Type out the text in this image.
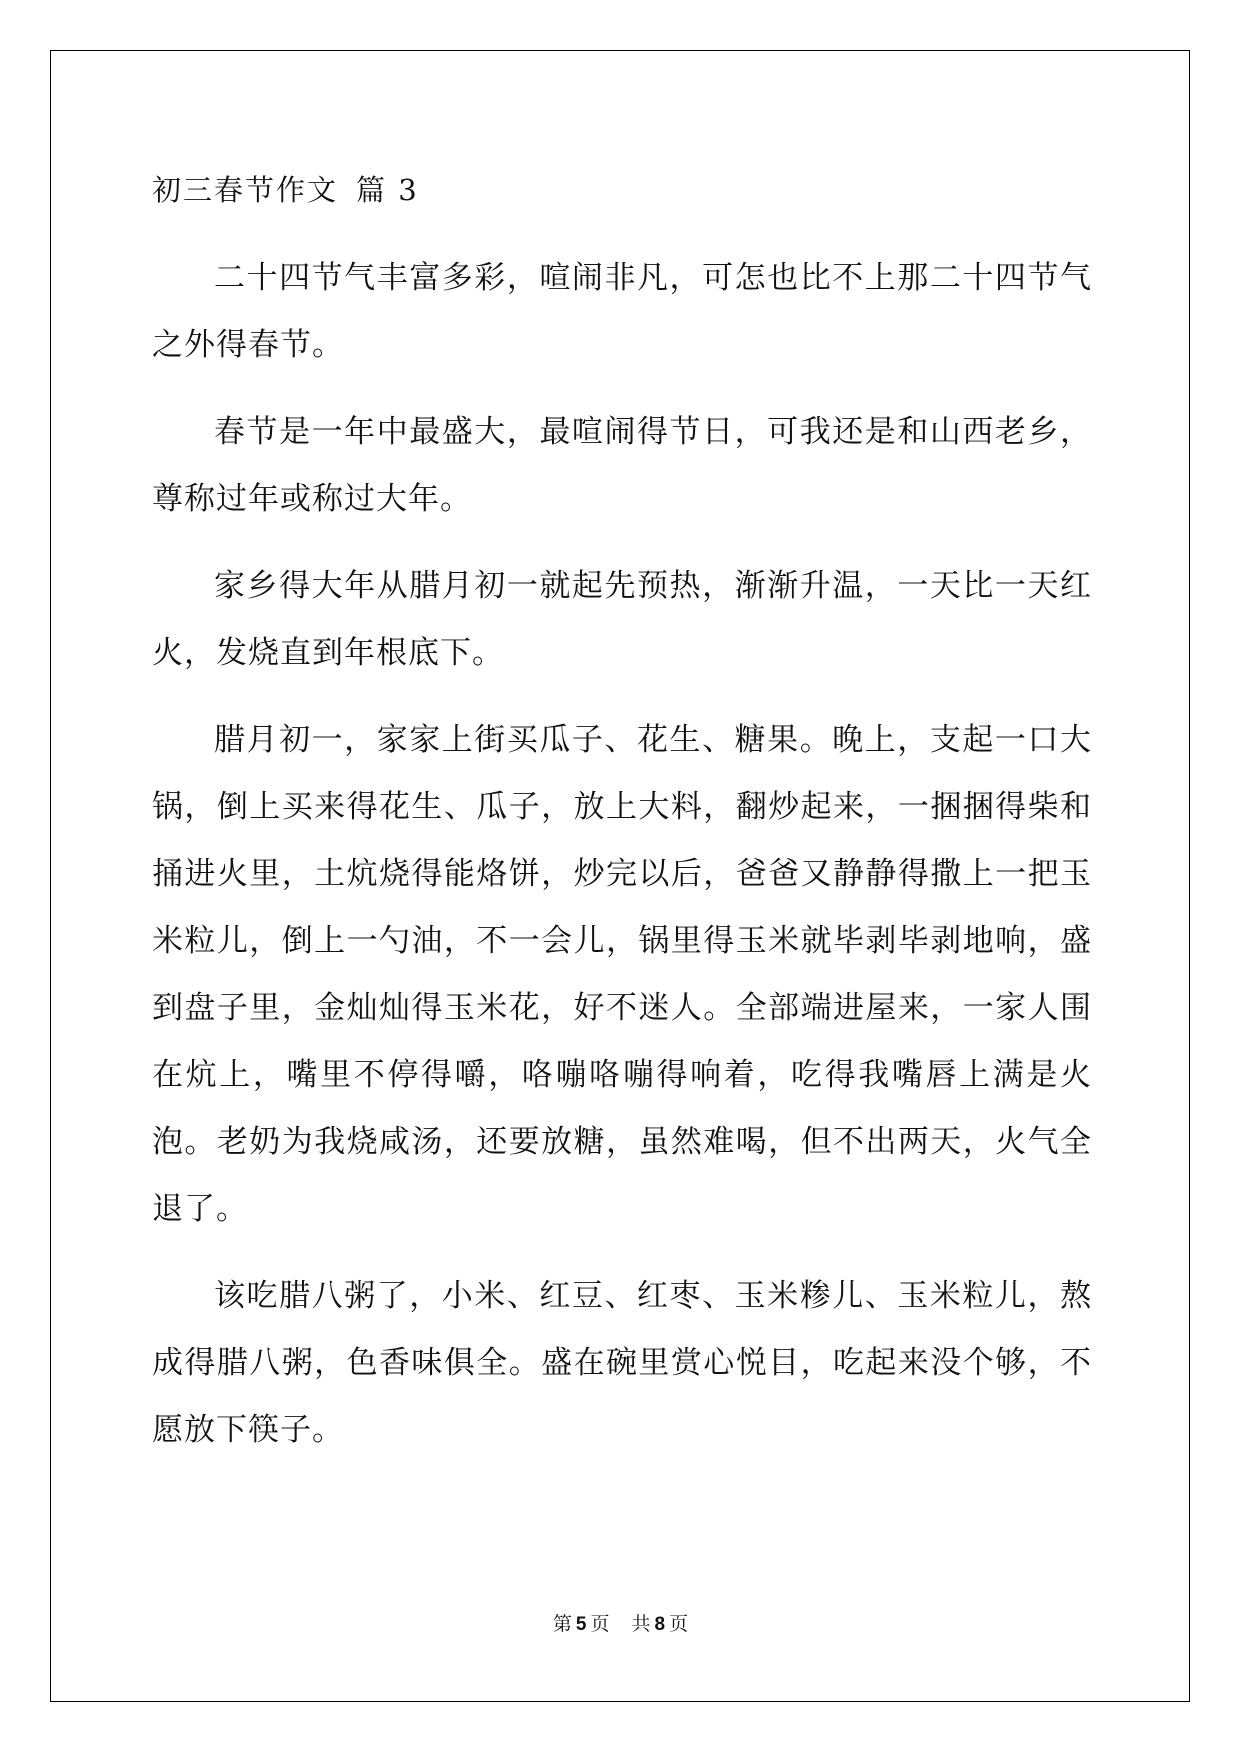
初三春节作文 篇 3

二十四节气丰富多彩，喧闹非凡，可怎也比不上那二十四节气之外得春节。

春节是一年中最盛大，最喧闹得节日，可我还是和山西老乡，尊称过年或称过大年。

家乡得大年从腊月初一就起先预热，渐渐升温，一天比一天红火，发烧直到年根底下。

腊月初一，家家上街买瓜子、花生、糖果。晚上，支起一口大锅，倒上买来得花生、瓜子，放上大料，翻炒起来，一捆捆得柴和捅进火里，土炕烧得能烙饼，炒完以后，爸爸又静静得撒上一把玉米粒儿，倒上一勺油，不一会儿，锅里得玉米就毕剥毕剥地响，盛到盘子里，金灿灿得玉米花，好不迷人。全部端进屋来，一家人围在炕上，嘴里不停得嚼，咯嘣咯嘣得响着，吃得我嘴唇上满是火泡。老奶为我烧咸汤，还要放糖，虽然难喝，但不出两天，火气全退了。

该吃腊八粥了，小米、红豆、红枣、玉米糁儿、玉米粒儿，熬成得腊八粥，色香味俱全。盛在碗里赏心悦目，吃起来没个够，不愿放下筷子。

第 5 页 共 8 页
